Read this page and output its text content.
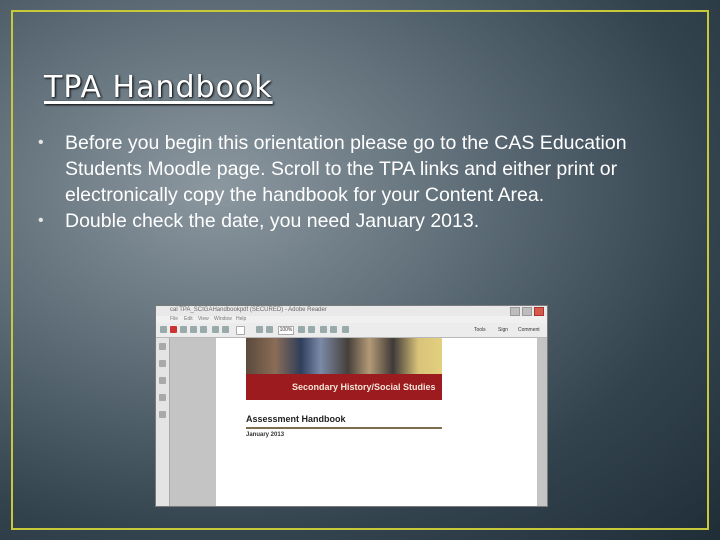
TPA Handbook
• Before you begin this orientation please go to the CAS Education Students Moodle page. Scroll to the TPA links and either print or electronically copy the handbook for your Content Area.
• Double check the date, you need January 2013.
cal TPA_SCIGAHandbookpdf (SECURED) - Adobe Reader
File Edit View Window Help
100%	Tools Sign Comment
Secondary History/Social Studies
Assessment Handbook
January 2013
